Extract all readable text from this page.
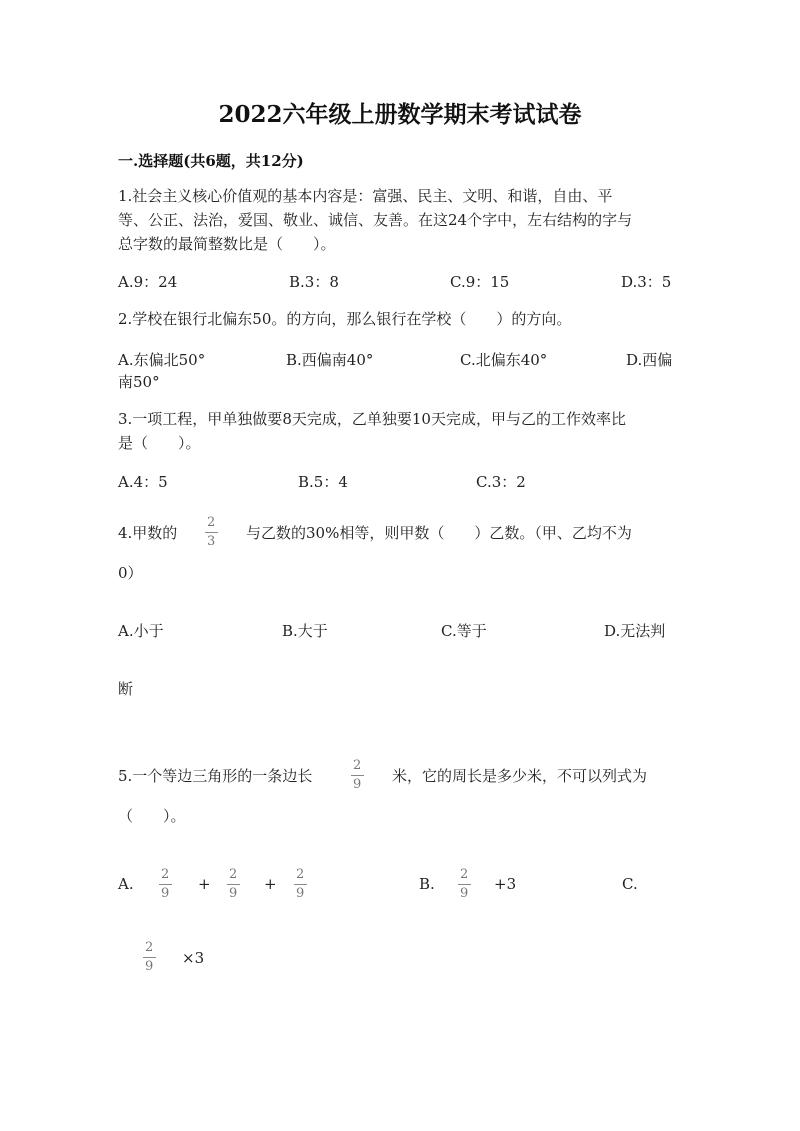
2022六年级上册数学期末考试试卷
一.选择题(共6题，共12分)
1.社会主义核心价值观的基本内容是：富强、民主、文明、和谐，自由、平
等、公正、法治，爱国、敬业、诚信、友善。在这24个字中，左右结构的字与
总字数的最简整数比是（　　）。
A.9：24	B.3：8	C.9：15	D.3：5
2.学校在银行北偏东50。的方向，那么银行在学校（　　）的方向。
A.东偏北50°	B.西偏南40°	C.北偏东40°	D.西偏
南50°
3.一项工程，甲单独做要8天完成，乙单独要10天完成，甲与乙的工作效率比
是（　　）。
A.4：5	B.5：4	C.3：2
4.甲数的
2
3 与乙数的30%相等，则甲数（　　）乙数。（甲、乙均不为
0）
A.小于	B.大于	C.等于	D.无法判
断
5.一个等边三角形的一条边长
2
9 米，它的周长是多少米，不可以列式为
（　　）。
A.
2
9
+
2
9
+
2
9
B.
2
9
+3	C.
2
9 ×3
